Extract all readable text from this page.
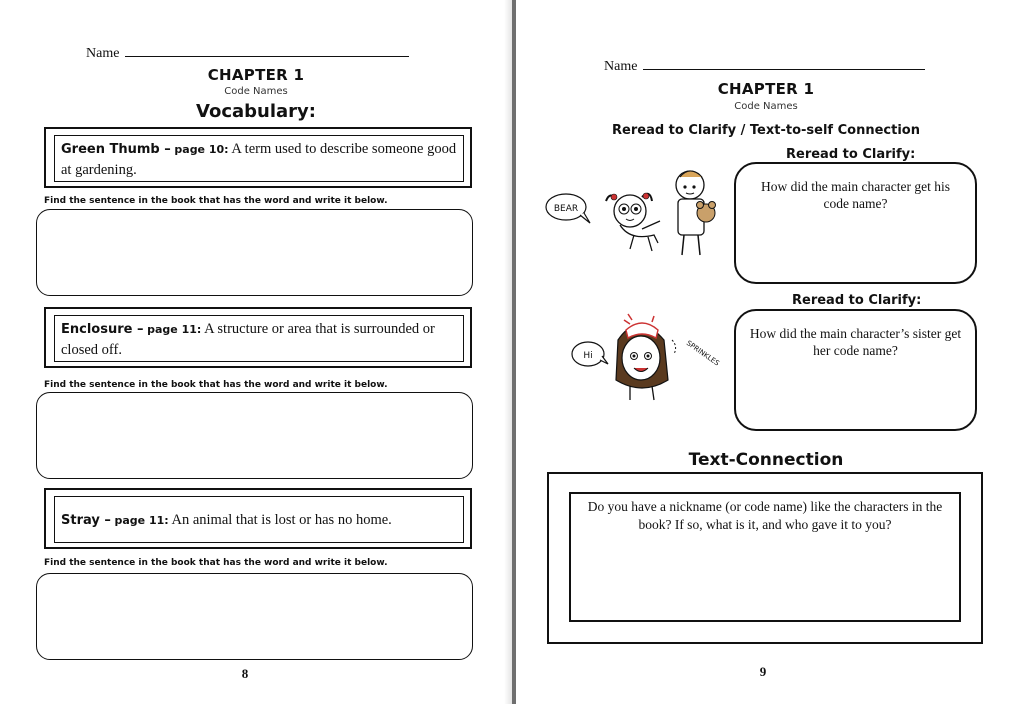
Name
CHAPTER 1
Code Names
Vocabulary:
Green Thumb – page 10: A term used to describe someone good at gardening.
Find the sentence in the book that has the word and write it below.
Enclosure – page 11: A structure or area that is surrounded or closed off.
Find the sentence in the book that has the word and write it below.
Stray – page 11: An animal that is lost or has no home.
Find the sentence in the book that has the word and write it below.
8
Name
CHAPTER 1
Code Names
Reread to Clarify / Text-to-self Connection
Reread to Clarify:
BEAR
How did the main character get his code name?
Reread to Clarify:
Hi	SPRINKLES
How did the main character’s sister get her code name?
Text-Connection
Do you have a nickname (or code name) like the characters in the book? If so, what is it, and who gave it to you?
9
